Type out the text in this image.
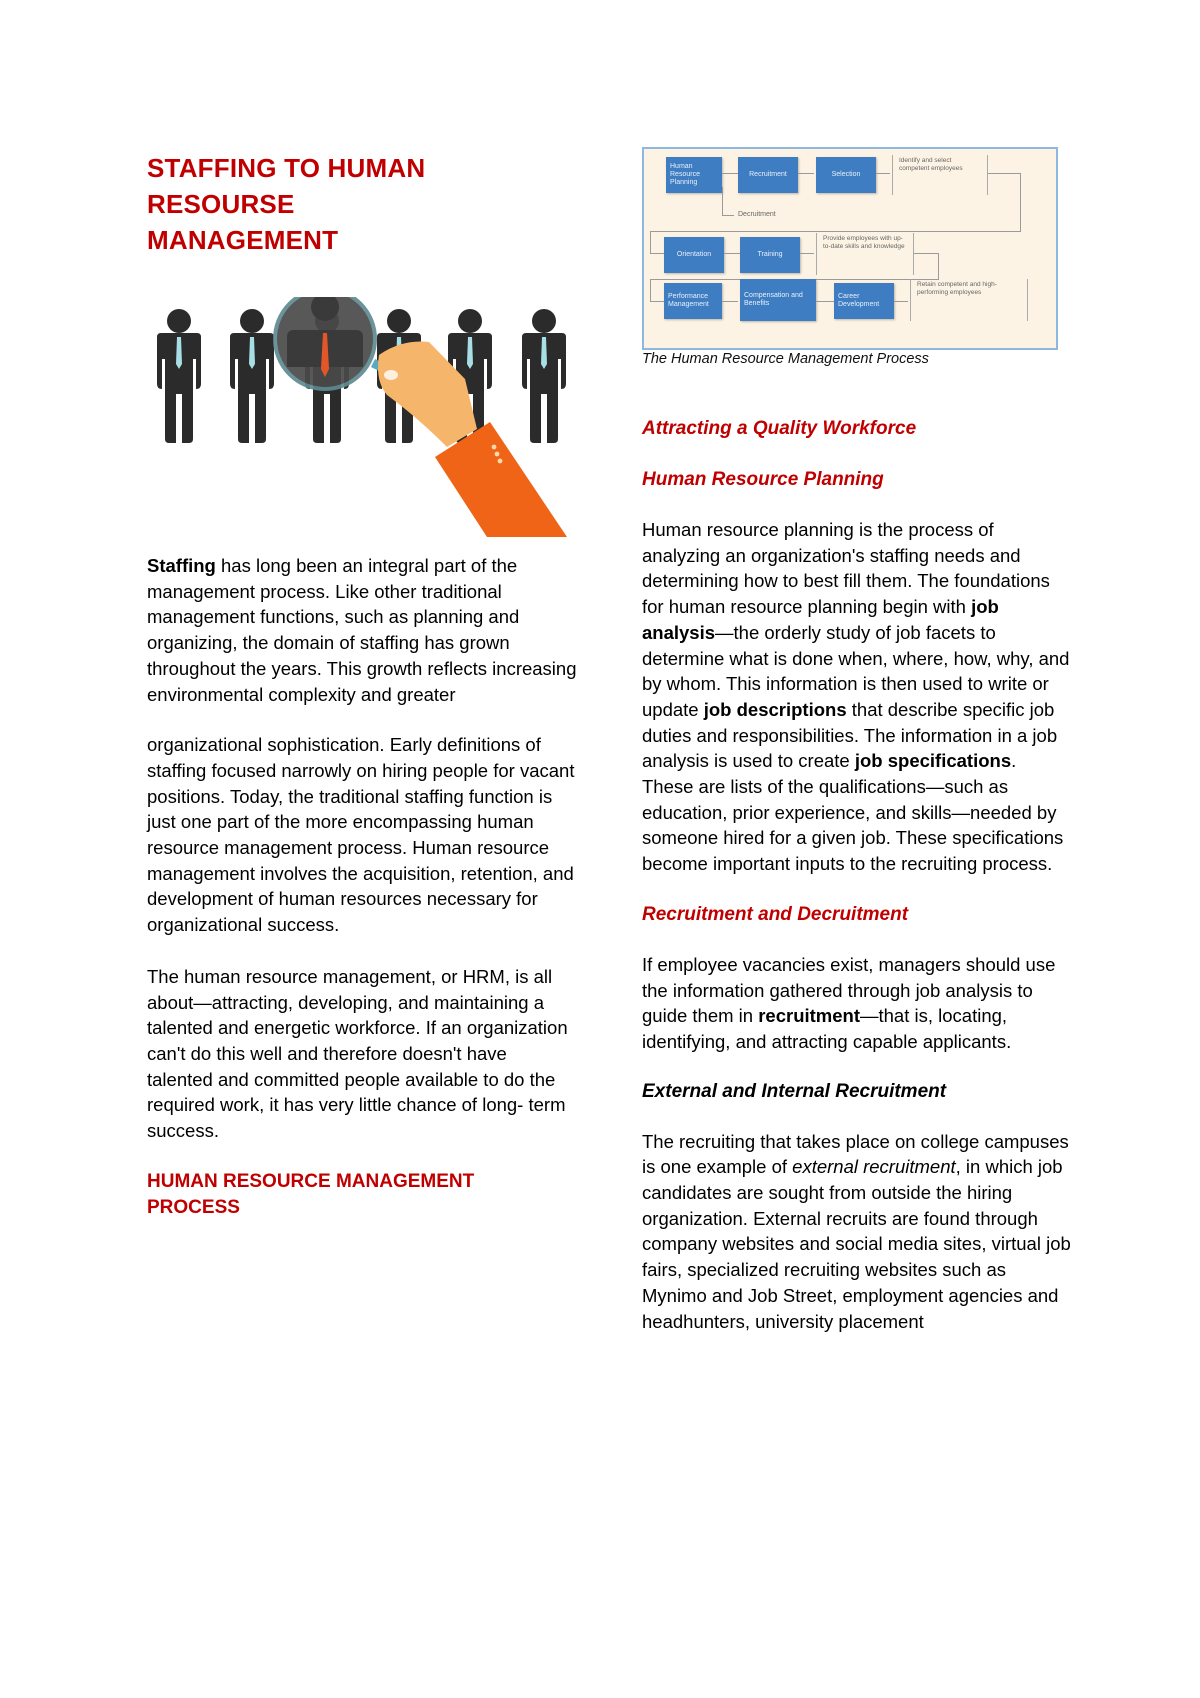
STAFFING TO HUMAN
RESOURSE
MANAGEMENT

Staffing has long been an integral part of the management process. Like other traditional management functions, such as planning and organizing, the domain of staffing has grown throughout the years. This growth reflects increasing environmental complexity and greater

organizational sophistication. Early definitions of staffing focused narrowly on hiring people for vacant positions. Today, the traditional staffing function is just one part of the more encompassing human resource management process. Human resource management involves the acquisition, retention, and development of human resources necessary for organizational success.

The human resource management, or HRM, is all about—attracting, developing, and maintaining a talented and energetic workforce. If an organization can't do this well and therefore doesn't have talented and committed people available to do the required work, it has very little chance of long- term success.

HUMAN RESOURCE MANAGEMENT PROCESS
Human Resource Planning
Recruitment	Selection
Identify and select competent employees
Decruitment
Orientation	Training
Provide employees with up-to-date skills and knowledge
Performance Management
Compensation and Benefits
Career Development
Retain competent and high-performing employees

The Human Resource Management Process

Attracting a Quality Workforce
Human Resource Planning

Human resource planning is the process of analyzing an organization's staffing needs and determining how to best fill them. The foundations for human resource planning begin with job analysis—the orderly study of job facets to determine what is done when, where, how, why, and by whom. This information is then used to write or update job descriptions that describe specific job duties and responsibilities. The information in a job analysis is used to create job specifications. These are lists of the qualifications—such as education, prior experience, and skills—needed by someone hired for a given job. These specifications become important inputs to the recruiting process.

Recruitment and Decruitment

If employee vacancies exist, managers should use the information gathered through job analysis to guide them in recruitment—that is, locating, identifying, and attracting capable applicants.

External and Internal Recruitment

The recruiting that takes place on college campuses is one example of external recruitment, in which job candidates are sought from outside the hiring organization. External recruits are found through company websites and social media sites, virtual job fairs, specialized recruiting websites such as Mynimo and Job Street, employment agencies and headhunters, university placement
